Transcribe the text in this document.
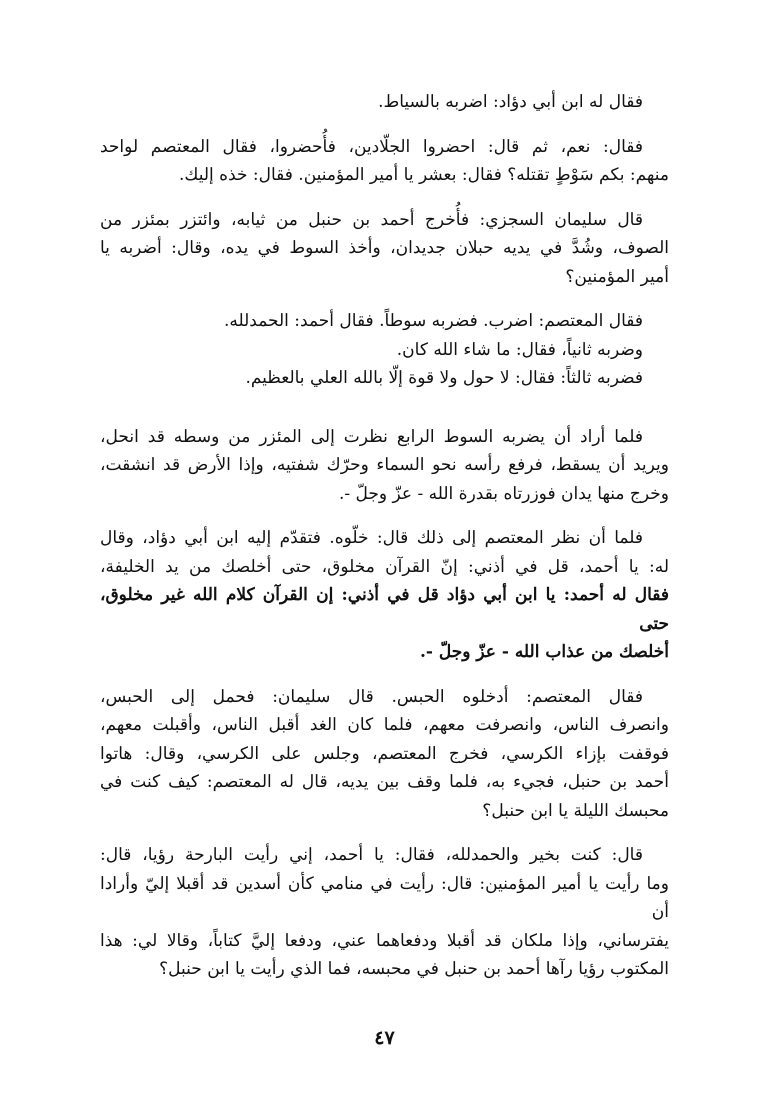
فقال له ابن أبي دؤاد: اضربه بالسياط.

فقال: نعم، ثم قال: احضروا الجلّادين، فأُحضروا، فقال المعتصم لواحد
منهم: بكم سَوْطٍ تقتله؟ فقال: بعشر يا أمير المؤمنين. فقال: خذه إليك.

قال سليمان السجزي: فأُخرج أحمد بن حنبل من ثيابه، وائتزر بمئزر من
الصوف، وشُدَّ في يديه حبلان جديدان، وأخذ السوط في يده، وقال: أضربه يا
أمير المؤمنين؟

فقال المعتصم: اضرب. فضربه سوطاً. فقال أحمد: الحمدلله.
وضربه ثانياً، فقال: ما شاء الله كان.
فضربه ثالثاً: فقال: لا حول ولا قوة إلّا بالله العلي بالعظيم.

فلما أراد أن يضربه السوط الرابع نظرت إلى المئزر من وسطه قد انحل،
ويريد أن يسقط، فرفع رأسه نحو السماء وحرّك شفتيه، وإذا الأرض قد انشقت،
وخرج منها يدان فوزرتاه بقدرة الله - عزّ وجلّ -.

فلما أن نظر المعتصم إلى ذلك قال: خلّوه. فتقدّم إليه ابن أبي دؤاد، وقال
له: يا أحمد، قل في أذني: إنّ القرآن مخلوق، حتى أخلصك من يد الخليفة،
فقال له أحمد: يا ابن أبي دؤاد قل في أذني: إن القرآن كلام الله غير مخلوق، حتى
أخلصك من عذاب الله - عزّ وجلّ -.

فقال المعتصم: أدخلوه الحبس. قال سليمان: فحمل إلى الحبس،
وانصرف الناس، وانصرفت معهم، فلما كان الغد أقبل الناس، وأقبلت معهم،
فوقفت بإزاء الكرسي، فخرج المعتصم، وجلس على الكرسي، وقال: هاتوا
أحمد بن حنبل، فجيء به، فلما وقف بين يديه، قال له المعتصم: كيف كنت في
محبسك الليلة يا ابن حنبل؟

قال: كنت بخير والحمدلله، فقال: يا أحمد، إني رأيت البارحة رؤيا، قال:
وما رأيت يا أمير المؤمنين: قال: رأيت في منامي كأن أسدين قد أقبلا إليّ وأرادا أن
يفترساني، وإذا ملكان قد أقبلا ودفعاهما عني، ودفعا إليَّ كتاباً، وقالا لي: هذا
المكتوب رؤيا رآها أحمد بن حنبل في محبسه، فما الذي رأيت يا ابن حنبل؟

٤٧
